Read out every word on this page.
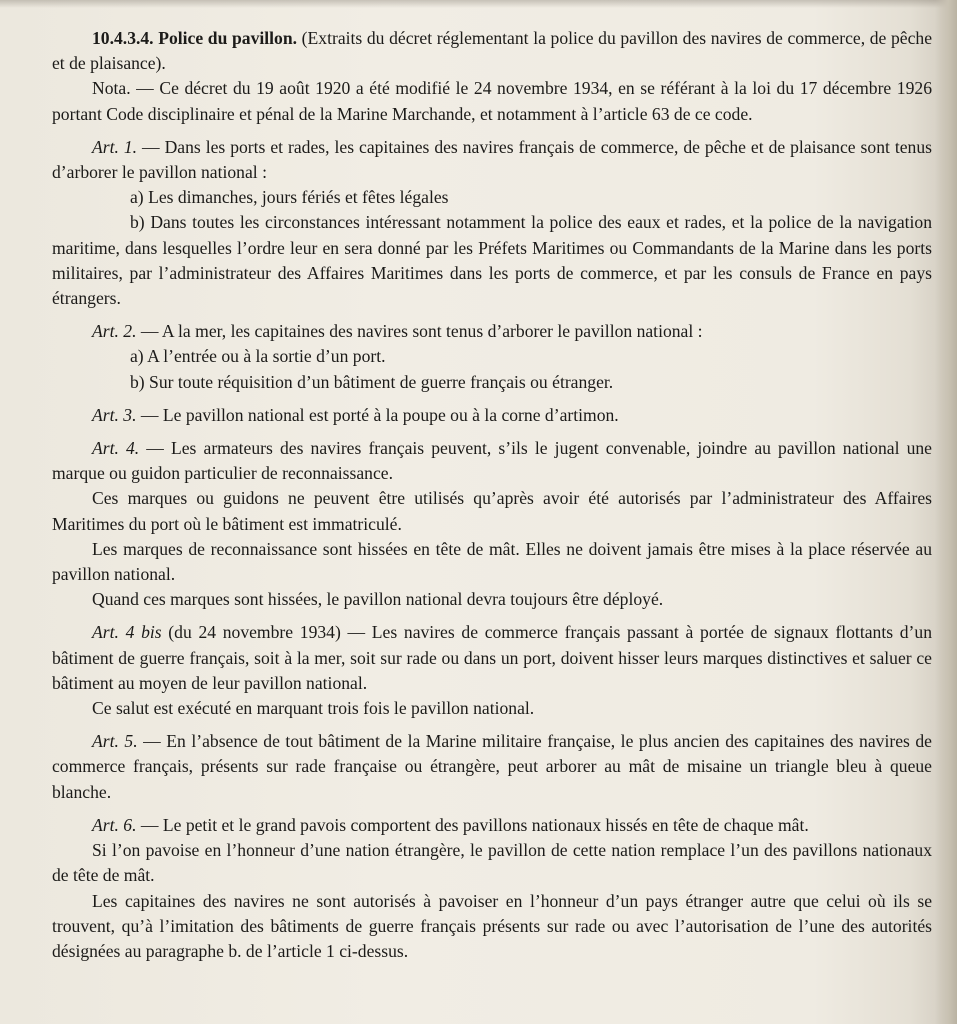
10.4.3.4. Police du pavillon. (Extraits du décret réglementant la police du pavillon des navires de commerce, de pêche et de plaisance).

Nota. — Ce décret du 19 août 1920 a été modifié le 24 novembre 1934, en se référant à la loi du 17 décembre 1926 portant Code disciplinaire et pénal de la Marine Marchande, et notamment à l’article 63 de ce code.

Art. 1. — Dans les ports et rades, les capitaines des navires français de commerce, de pêche et de plaisance sont tenus d’arborer le pavillon national :

a) Les dimanches, jours fériés et fêtes légales

b) Dans toutes les circonstances intéressant notamment la police des eaux et rades, et la police de la navigation maritime, dans lesquelles l’ordre leur en sera donné par les Préfets Maritimes ou Commandants de la Marine dans les ports militaires, par l’administrateur des Affaires Maritimes dans les ports de commerce, et par les consuls de France en pays étrangers.

Art. 2. — A la mer, les capitaines des navires sont tenus d’arborer le pavillon national :

a) A l’entrée ou à la sortie d’un port.

b) Sur toute réquisition d’un bâtiment de guerre français ou étranger.

Art. 3. — Le pavillon national est porté à la poupe ou à la corne d’artimon.

Art. 4. — Les armateurs des navires français peuvent, s’ils le jugent convenable, joindre au pavillon national une marque ou guidon particulier de reconnaissance.

Ces marques ou guidons ne peuvent être utilisés qu’après avoir été autorisés par l’administrateur des Affaires Maritimes du port où le bâtiment est immatriculé.

Les marques de reconnaissance sont hissées en tête de mât. Elles ne doivent jamais être mises à la place réservée au pavillon national.

Quand ces marques sont hissées, le pavillon national devra toujours être déployé.

Art. 4 bis (du 24 novembre 1934) — Les navires de commerce français passant à portée de signaux flottants d’un bâtiment de guerre français, soit à la mer, soit sur rade ou dans un port, doivent hisser leurs marques distinctives et saluer ce bâtiment au moyen de leur pavillon national.

Ce salut est exécuté en marquant trois fois le pavillon national.

Art. 5. — En l’absence de tout bâtiment de la Marine militaire française, le plus ancien des capitaines des navires de commerce français, présents sur rade française ou étrangère, peut arborer au mât de misaine un triangle bleu à queue blanche.

Art. 6. — Le petit et le grand pavois comportent des pavillons nationaux hissés en tête de chaque mât.

Si l’on pavoise en l’honneur d’une nation étrangère, le pavillon de cette nation remplace l’un des pavillons nationaux de tête de mât.

Les capitaines des navires ne sont autorisés à pavoiser en l’honneur d’un pays étranger autre que celui où ils se trouvent, qu’à l’imitation des bâtiments de guerre français présents sur rade ou avec l’autorisation de l’une des autorités désignées au paragraphe b. de l’article 1 ci-dessus.
